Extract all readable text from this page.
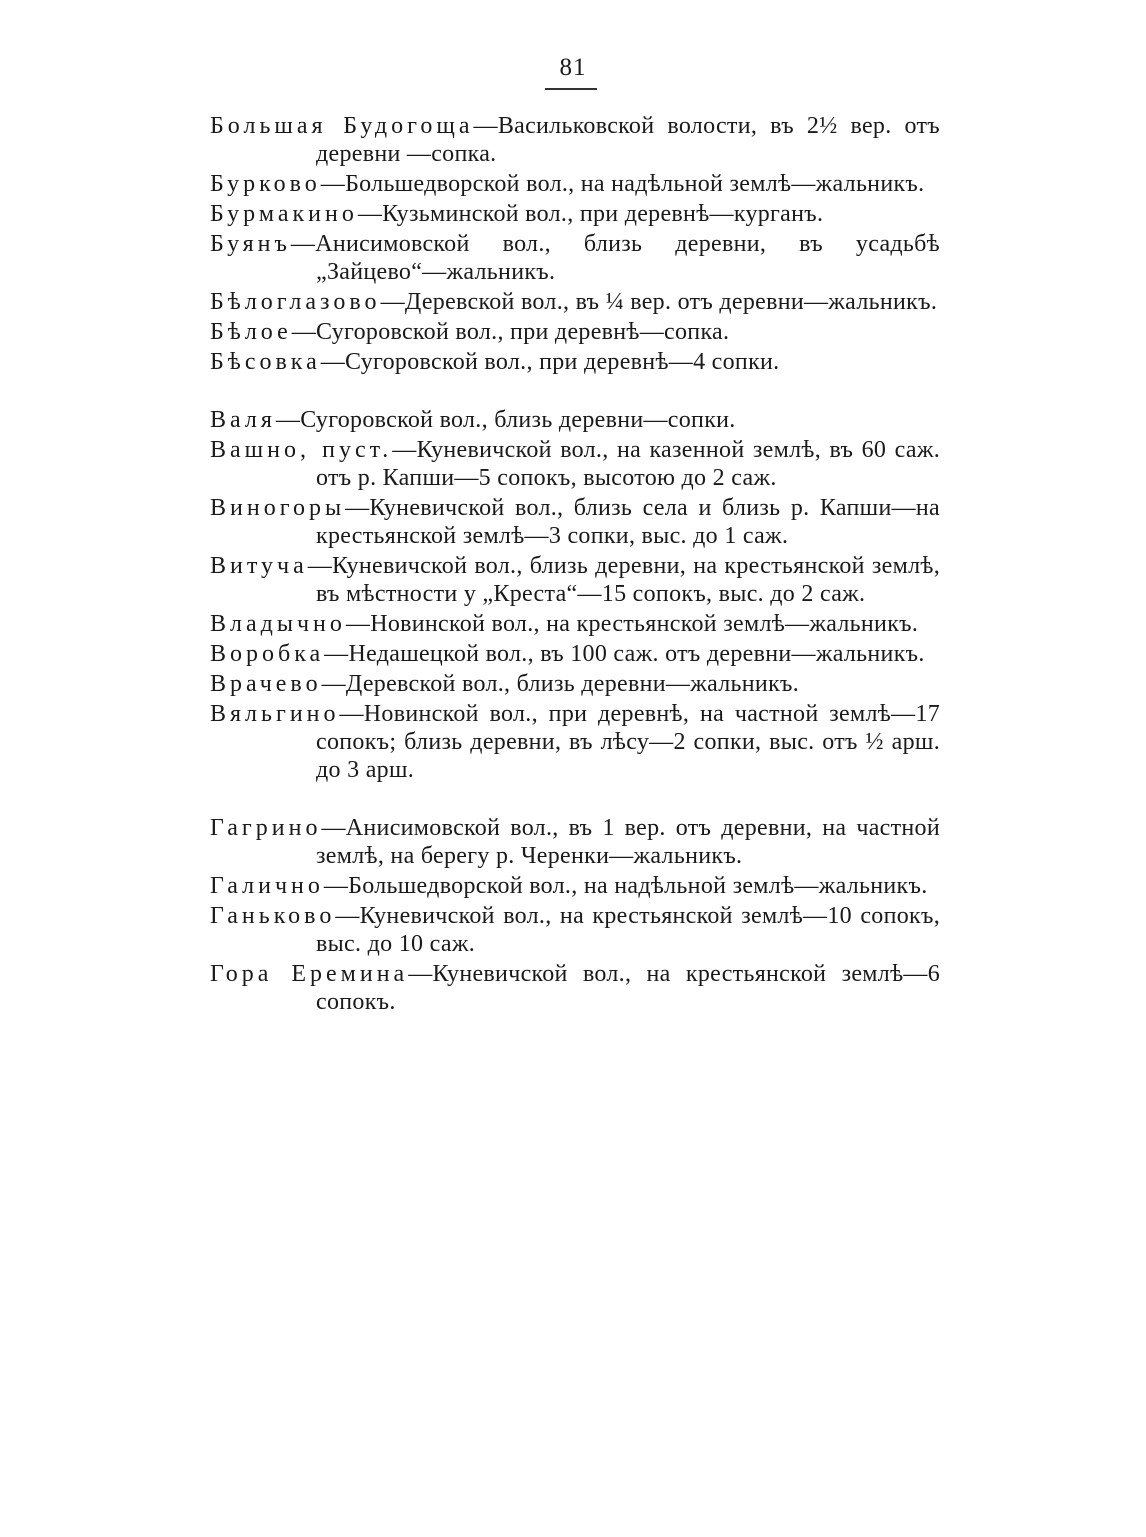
81

Большая Будогоща—Васильковской волости, въ 2½ вер. отъ деревни —сопка.

Бурково—Большедворской вол., на надѣльной землѣ—жальникъ.

Бурмакино—Кузьминской вол., при деревнѣ—курганъ.

Буянъ—Анисимовской вол., близь деревни, въ усадьбѣ „Зайцево“—жальникъ.

Бѣлоглазово—Деревской вол., въ ¼ вер. отъ деревни—жальникъ.

Бѣлое—Сугоровской вол., при деревнѣ—сопка.

Бѣсовка—Сугоровской вол., при деревнѣ—4 сопки.

Валя—Сугоровской вол., близь деревни—сопки.

Вашно, пуст.—Куневичской вол., на казенной землѣ, въ 60 саж. отъ р. Капши—5 сопокъ, высотою до 2 саж.

Виногоры—Куневичской вол., близь села и близь р. Капши—на крестьянской землѣ—3 сопки, выс. до 1 саж.

Витуча—Куневичской вол., близь деревни, на крестьянской землѣ, въ мѣстности у „Креста“—15 сопокъ, выс. до 2 саж.

Владычно—Новинской вол., на крестьянской землѣ—жальникъ.

Воробка—Недашецкой вол., въ 100 саж. отъ деревни—жальникъ.

Врачево—Деревской вол., близь деревни—жальникъ.

Вяльгино—Новинской вол., при деревнѣ, на частной землѣ—17 сопокъ; близь деревни, въ лѣсу—2 сопки, выс. отъ ½ арш. до 3 арш.

Гагрино—Анисимовской вол., въ 1 вер. отъ деревни, на частной землѣ, на берегу р. Черенки—жальникъ.

Галично—Большедворской вол., на надѣльной землѣ—жальникъ.

Ганьково—Куневичской вол., на крестьянской землѣ—10 сопокъ, выс. до 10 саж.

Гора Еремина—Куневичской вол., на крестьянской землѣ—6 сопокъ.
